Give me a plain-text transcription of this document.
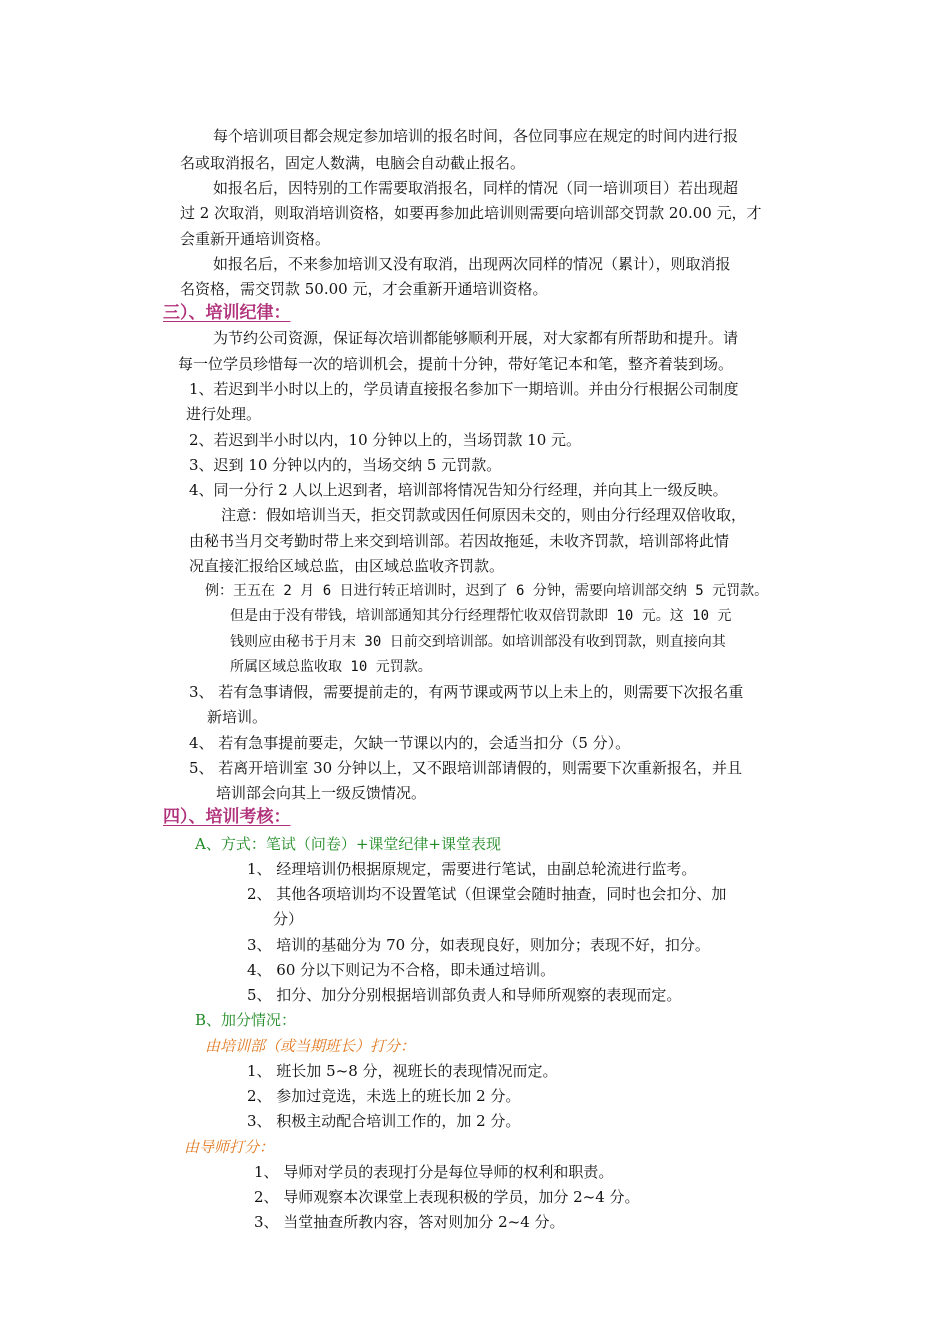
每个培训项目都会规定参加培训的报名时间，各位同事应在规定的时间内进行报
名或取消报名，固定人数满，电脑会自动截止报名。
如报名后，因特别的工作需要取消报名，同样的情况（同一培训项目）若出现超
过 2 次取消，则取消培训资格，如要再参加此培训则需要向培训部交罚款 20.00 元，才
会重新开通培训资格。
如报名后，不来参加培训又没有取消，出现两次同样的情况（累计），则取消报
名资格，需交罚款 50.00 元，才会重新开通培训资格。
三）、培训纪律：
为节约公司资源，保证每次培训都能够顺利开展，对大家都有所帮助和提升。请
每一位学员珍惜每一次的培训机会，提前十分钟，带好笔记本和笔，整齐着装到场。
1、若迟到半小时以上的，学员请直接报名参加下一期培训。并由分行根据公司制度
进行处理。
2、若迟到半小时以内，10 分钟以上的，当场罚款 10 元。
3、迟到 10 分钟以内的，当场交纳 5 元罚款。
4、同一分行 2 人以上迟到者，培训部将情况告知分行经理，并向其上一级反映。
注意：假如培训当天，拒交罚款或因任何原因未交的，则由分行经理双倍收取，
由秘书当月交考勤时带上来交到培训部。若因故拖延，未收齐罚款，培训部将此情
况直接汇报给区域总监，由区域总监收齐罚款。
例：王五在 2 月 6 日进行转正培训时，迟到了 6 分钟，需要向培训部交纳 5 元罚款。
但是由于没有带钱，培训部通知其分行经理帮忙收双倍罚款即 10 元。这 10 元
钱则应由秘书于月末 30 日前交到培训部。如培训部没有收到罚款，则直接向其
所属区域总监收取 10 元罚款。
3、 若有急事请假，需要提前走的，有两节课或两节以上未上的，则需要下次报名重
新培训。
4、 若有急事提前要走，欠缺一节课以内的，会适当扣分（5 分）。
5、 若离开培训室 30 分钟以上，又不跟培训部请假的，则需要下次重新报名，并且
培训部会向其上一级反馈情况。
四）、培训考核：
A、方式：笔试（问卷）+课堂纪律+课堂表现
1、 经理培训仍根据原规定，需要进行笔试，由副总轮流进行监考。
2、 其他各项培训均不设置笔试（但课堂会随时抽查，同时也会扣分、加
分）
3、 培训的基础分为 70 分，如表现良好，则加分；表现不好，扣分。
4、 60 分以下则记为不合格，即未通过培训。
5、 扣分、加分分别根据培训部负责人和导师所观察的表现而定。
B、加分情况：
由培训部（或当期班长）打分：
1、 班长加 5~8 分，视班长的表现情况而定。
2、 参加过竞选，未选上的班长加 2 分。
3、 积极主动配合培训工作的，加 2 分。
由导师打分：
1、 导师对学员的表现打分是每位导师的权利和职责。
2、 导师观察本次课堂上表现积极的学员，加分 2~4 分。
3、 当堂抽查所教内容，答对则加分 2~4 分。
